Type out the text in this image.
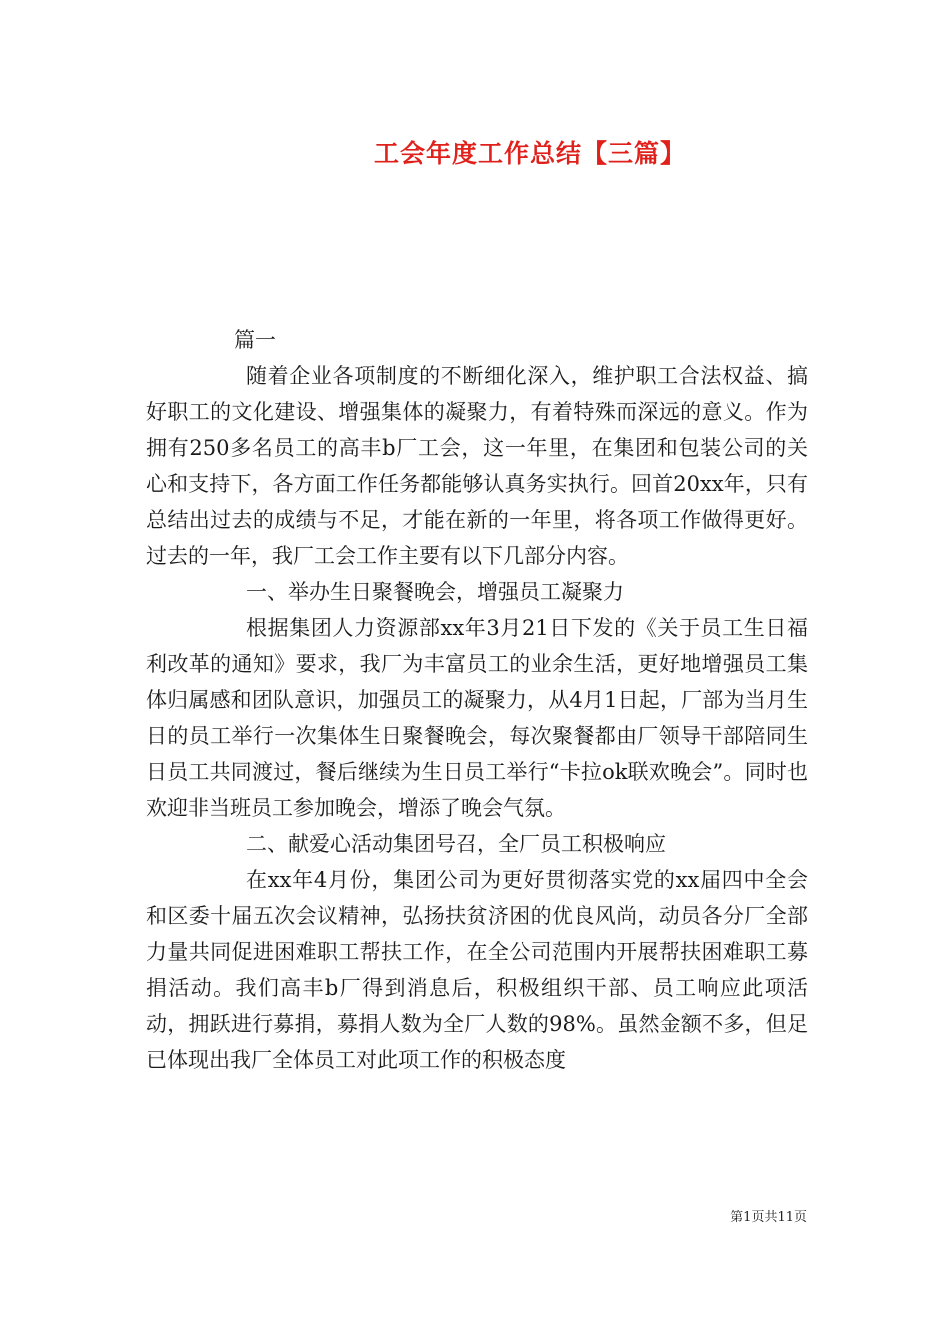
工会年度工作总结【三篇】

篇一

随着企业各项制度的不断细化深入，维护职工合法权益、搞好职工的文化建设、增强集体的凝聚力，有着特殊而深远的意义。作为拥有250多名员工的高丰b厂工会，这一年里，在集团和包装公司的关心和支持下，各方面工作任务都能够认真务实执行。回首20xx年，只有总结出过去的成绩与不足，才能在新的一年里，将各项工作做得更好。过去的一年，我厂工会工作主要有以下几部分内容。

一、举办生日聚餐晚会，增强员工凝聚力

根据集团人力资源部xx年3月21日下发的《关于员工生日福利改革的通知》要求，我厂为丰富员工的业余生活，更好地增强员工集体归属感和团队意识，加强员工的凝聚力，从4月1日起，厂部为当月生日的员工举行一次集体生日聚餐晚会，每次聚餐都由厂领导干部陪同生日员工共同渡过，餐后继续为生日员工举行“卡拉ok联欢晚会”。同时也欢迎非当班员工参加晚会，增添了晚会气氛。

二、献爱心活动集团号召，全厂员工积极响应

在xx年4月份，集团公司为更好贯彻落实党的xx届四中全会和区委十届五次会议精神，弘扬扶贫济困的优良风尚，动员各分厂全部力量共同促进困难职工帮扶工作，在全公司范围内开展帮扶困难职工募捐活动。我们高丰b厂得到消息后，积极组织干部、员工响应此项活动，拥跃进行募捐，募捐人数为全厂人数的98%。虽然金额不多，但足已体现出我厂全体员工对此项工作的积极态度

第1页共11页
